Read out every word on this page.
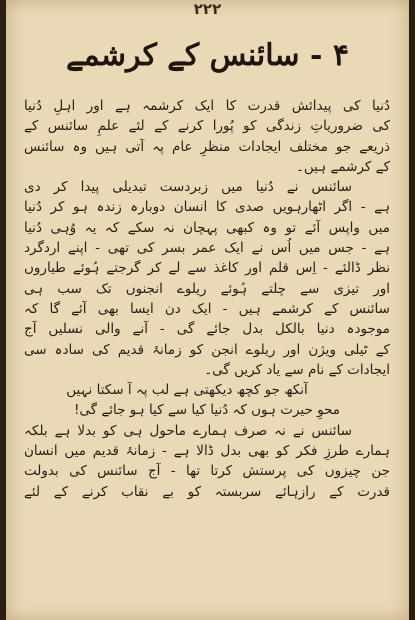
۲۲۲
۴ - سائنس کے کرشمے
دُنیا کی پیدائش قدرت کا ایک کرشمہ ہے اور اہلِ دُنیا
کی ضروریاتِ زندگی کو پُورا کرنے کے لئے علمِ سائنس کے
ذریعے جو مختلف ایجادات منظرِ عام پہ آتی ہیں وہ سائنس
کے کرشمے ہیں۔
سائنس نے دُنیا میں زبردست تبدیلی پیدا کر دی
ہے - اگر اٹھارہویں صدی کا انسان دوبارہ زندہ ہو کر دُنیا
میں واپس آئے تو وہ کبھی پہچان نہ سکے کہ یہ وُہی دُنیا
ہے - جس میں اُس نے ایک عمر بسر کی تھی - اپنے اردگرد
نظر ڈالئے - اِس قلم اور کاغذ سے لے کر گرجتے ہُوئے طیاروں
اور تیزی سے چلتے ہُوئے ریلوے انجنوں تک سب ہی
سائنس کے کرشمے ہیں - ایک دن ایسا بھی آئے گا کہ
موجودہ دنیا بالکل بدل جائے گی - آنے والی نسلیں آج
کے ٹیلی ویژن اور ریلوے انجن کو زمانۂ قدیم کی سادہ سی
ایجادات کے نام سے یاد کریں گی۔
آنکھ جو کچھ دیکھتی ہے لب پہ آ سکتا نہیں
محوِ حیرت ہوں کہ دُنیا کیا سے کیا ہو جائے گی!
سائنس نے نہ صرف ہمارے ماحول ہی کو بدلا ہے بلکہ
ہمارے طرزِ فکر کو بھی بدل ڈالا ہے - زمانۂ قدیم میں انسان
جن چیزوں کی پرستش کرتا تھا - آج سائنس کی بدولت
قدرت کے رازہائے سربستہ کو بے نقاب کرنے کے لئے
